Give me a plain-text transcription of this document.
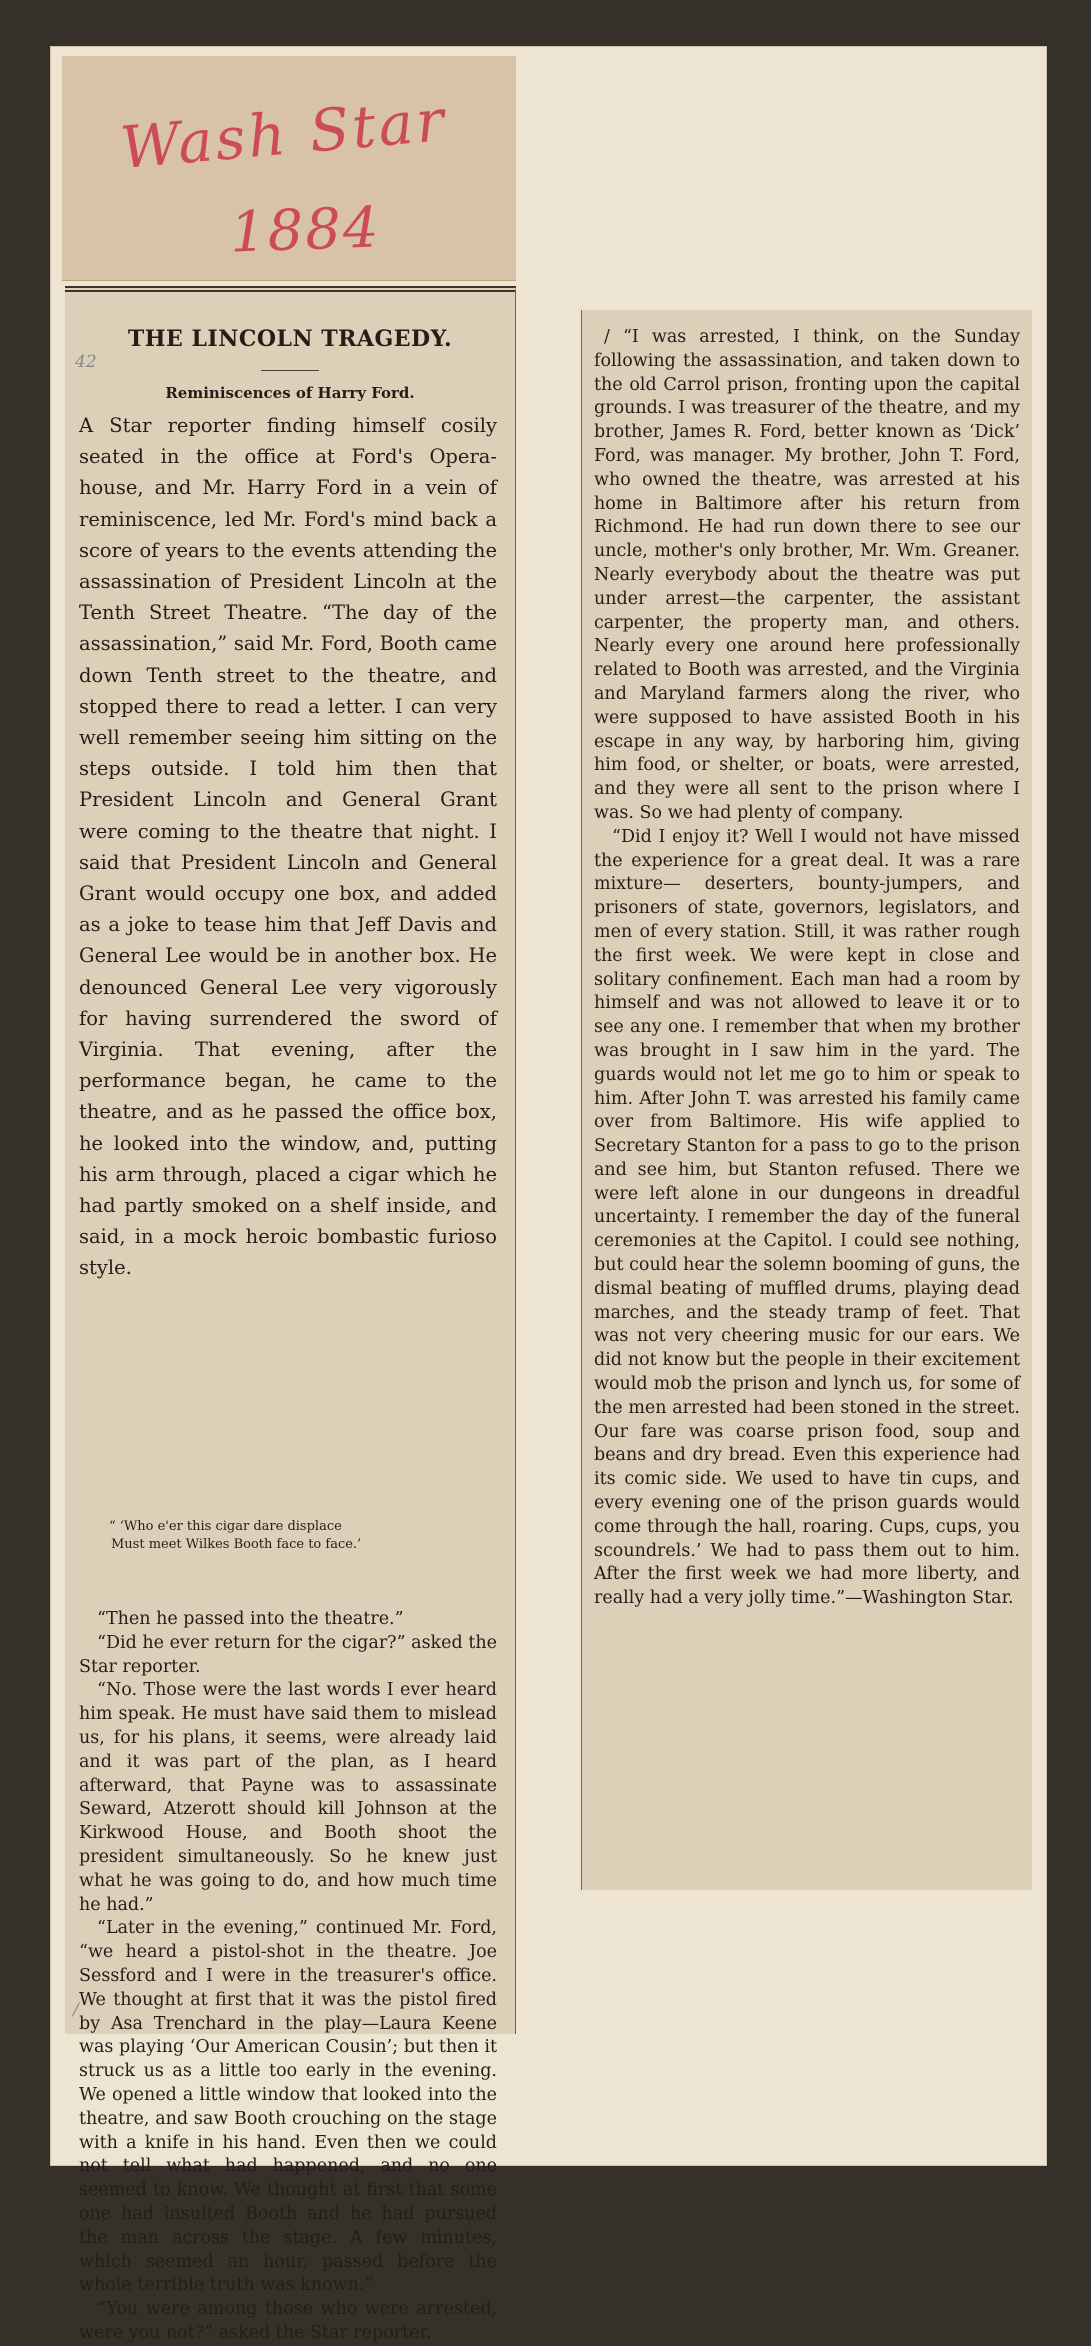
Wash Star
1884
THE LINCOLN TRAGEDY.
42
Reminiscences of Harry Ford.

A Star reporter finding himself cosily seated in the office at Ford's Opera-house, and Mr. Harry Ford in a vein of reminiscence, led Mr. Ford's mind back a score of years to the events attending the assassination of President Lincoln at the Tenth Street Theatre. “The day of the assassination,” said Mr. Ford, Booth came down Tenth street to the theatre, and stopped there to read a letter. I can very well remember seeing him sitting on the steps outside. I told him then that President Lincoln and General Grant were coming to the theatre that night. I said that President Lincoln and General Grant would occupy one box, and added as a joke to tease him that Jeff Davis and General Lee would be in another box. He denounced General Lee very vigorously for having surrendered the sword of Virginia. That evening, after the performance began, he came to the theatre, and as he passed the office box, he looked into the window, and, putting his arm through, placed a cigar which he had partly smoked on a shelf inside, and said, in a mock heroic bombastic furioso style.

“ ‘Who e'er this cigar dare displace
Must meet Wilkes Booth face to face.’

“Then he passed into the theatre.”

“Did he ever return for the cigar?” asked the Star reporter.

“No. Those were the last words I ever heard him speak. He must have said them to mislead us, for his plans, it seems, were already laid and it was part of the plan, as I heard afterward, that Payne was to assassinate Seward, Atzerott should kill Johnson at the Kirkwood House, and Booth shoot the president simultaneously. So he knew just what he was going to do, and how much time he had.”

“Later in the evening,” continued Mr. Ford, “we heard a pistol-shot in the theatre. Joe Sessford and I were in the treasurer's office. We thought at first that it was the pistol fired by Asa Trenchard in the play—Laura Keene was playing ‘Our American Cousin’; but then it struck us as a little too early in the evening. We opened a little window that looked into the theatre, and saw Booth crouching on the stage with a knife in his hand. Even then we could not tell what had happened, and no one seemed to know. We thought at first that some one had insulted Booth and he had pursued the man across the stage. A few minutes, which seemed an hour, passed before the whole terrible truth was known.”

“You were among those who were arrested, were you not?” asked the Star reporter.

/

/ “I was arrested, I think, on the Sunday following the assassination, and taken down to the old Carrol prison, fronting upon the capital grounds. I was treasurer of the theatre, and my brother, James R. Ford, better known as ‘Dick’ Ford, was manager. My brother, John T. Ford, who owned the theatre, was arrested at his home in Baltimore after his return from Richmond. He had run down there to see our uncle, mother's only brother, Mr. Wm. Greaner. Nearly everybody about the theatre was put under arrest—the carpenter, the assistant carpenter, the property man, and others. Nearly every one around here professionally related to Booth was arrested, and the Virginia and Maryland farmers along the river, who were supposed to have assisted Booth in his escape in any way, by harboring him, giving him food, or shelter, or boats, were arrested, and they were all sent to the prison where I was. So we had plenty of company.

“Did I enjoy it? Well I would not have missed the experience for a great deal. It was a rare mixture— deserters, bounty-jumpers, and prisoners of state, governors, legislators, and men of every station. Still, it was rather rough the first week. We were kept in close and solitary confinement. Each man had a room by himself and was not allowed to leave it or to see any one. I remember that when my brother was brought in I saw him in the yard. The guards would not let me go to him or speak to him. After John T. was arrested his family came over from Baltimore. His wife applied to Secretary Stanton for a pass to go to the prison and see him, but Stanton refused. There we were left alone in our dungeons in dreadful uncertainty. I remember the day of the funeral ceremonies at the Capitol. I could see nothing, but could hear the solemn booming of guns, the dismal beating of muffled drums, playing dead marches, and the steady tramp of feet. That was not very cheering music for our ears. We did not know but the people in their excitement would mob the prison and lynch us, for some of the men arrested had been stoned in the street. Our fare was coarse prison food, soup and beans and dry bread. Even this experience had its comic side. We used to have tin cups, and every evening one of the prison guards would come through the hall, roaring. Cups, cups, you scoundrels.’ We had to pass them out to him. After the first week we had more liberty, and really had a very jolly time.”—Washington Star.
